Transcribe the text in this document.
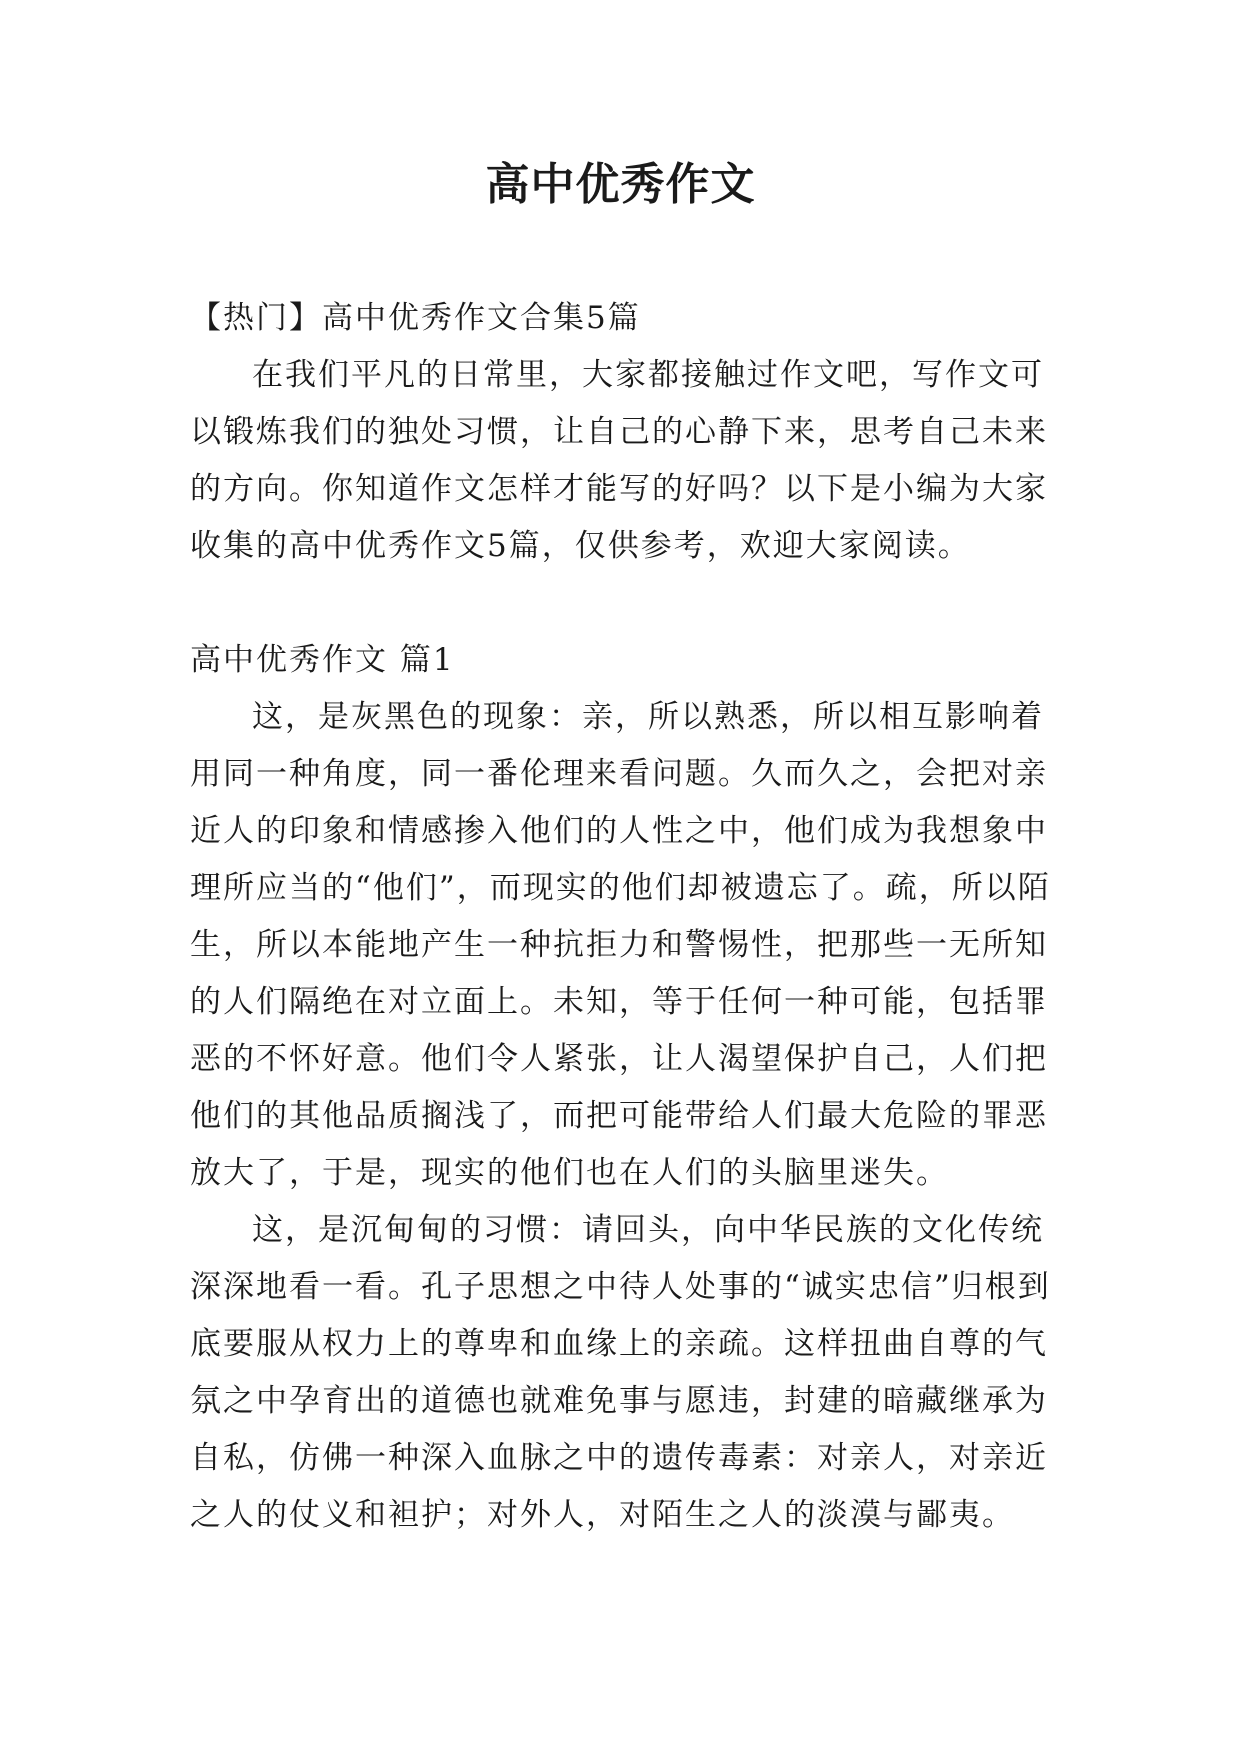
高中优秀作文

【热门】高中优秀作文合集5篇

在我们平凡的日常里，大家都接触过作文吧，写作文可以锻炼我们的独处习惯，让自己的心静下来，思考自己未来的方向。你知道作文怎样才能写的好吗？以下是小编为大家收集的高中优秀作文5篇，仅供参考，欢迎大家阅读。

高中优秀作文 篇1

这，是灰黑色的现象：亲，所以熟悉，所以相互影响着用同一种角度，同一番伦理来看问题。久而久之，会把对亲近人的印象和情感掺入他们的人性之中，他们成为我想象中理所应当的“他们”，而现实的他们却被遗忘了。疏，所以陌生，所以本能地产生一种抗拒力和警惕性，把那些一无所知的人们隔绝在对立面上。未知，等于任何一种可能，包括罪恶的不怀好意。他们令人紧张，让人渴望保护自己，人们把他们的其他品质搁浅了，而把可能带给人们最大危险的罪恶放大了，于是，现实的他们也在人们的头脑里迷失。

这，是沉甸甸的习惯：请回头，向中华民族的文化传统深深地看一看。孔子思想之中待人处事的“诚实忠信”归根到底要服从权力上的尊卑和血缘上的亲疏。这样扭曲自尊的气氛之中孕育出的道德也就难免事与愿违，封建的暗藏继承为自私，仿佛一种深入血脉之中的遗传毒素：对亲人，对亲近之人的仗义和袒护；对外人，对陌生之人的淡漠与鄙夷。
